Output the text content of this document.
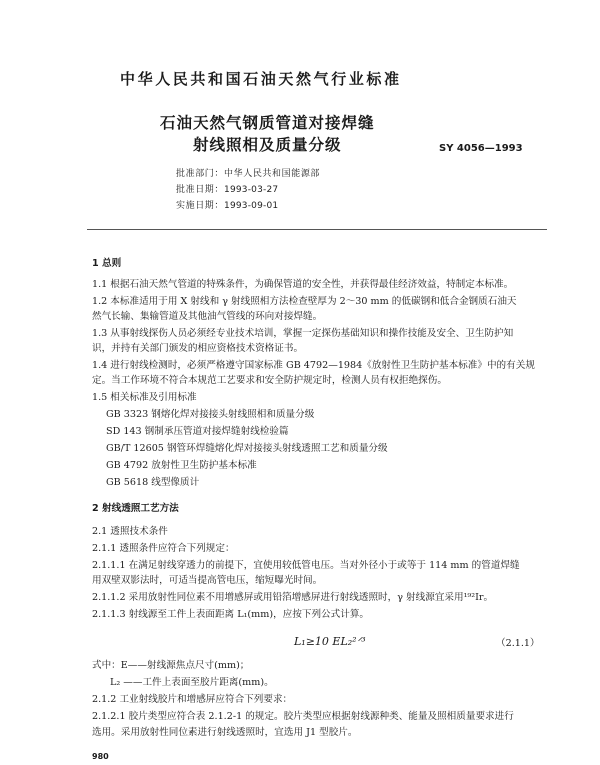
中华人民共和国石油天然气行业标准
石油天然气钢质管道对接焊缝
射线照相及质量分级	SY 4056—1993
批准部门：中华人民共和国能源部
批准日期：1993-03-27
实施日期：1993-09-01
1 总则
1.1 根据石油天然气管道的特殊条件，为确保管道的安全性，并获得最佳经济效益，特制定本标准。
1.2 本标准适用于用 X 射线和 γ 射线照相方法检查壁厚为 2～30 mm 的低碳钢和低合金钢质石油天
然气长输、集输管道及其他油气管线的环向对接焊缝。
1.3 从事射线探伤人员必须经专业技术培训，掌握一定探伤基础知识和操作技能及安全、卫生防护知
识，并持有关部门颁发的相应资格技术资格证书。
1.4 进行射线检测时，必须严格遵守国家标准 GB 4792—1984《放射性卫生防护基本标准》中的有关规
定。当工作环境不符合本规范工艺要求和安全防护规定时，检测人员有权拒绝探伤。
1.5 相关标准及引用标准
GB 3323 钢熔化焊对接接头射线照相和质量分级
SD 143 钢制承压管道对接焊缝射线检验篇
GB/T 12605 钢管环焊缝熔化焊对接接头射线透照工艺和质量分级
GB 4792 放射性卫生防护基本标准
GB 5618 线型像质计
2 射线透照工艺方法
2.1 透照技术条件
2.1.1 透照条件应符合下列规定：
2.1.1.1 在满足射线穿透力的前提下，宜使用较低管电压。当对外径小于或等于 114 mm 的管道焊缝
用双壁双影法时，可适当提高管电压，缩短曝光时间。
2.1.1.2 采用放射性同位素不用增感屏或用铅箔增感屏进行射线透照时，γ 射线源宜采用¹⁹²Ir。
2.1.1.3 射线源至工件上表面距离 L₁(mm)，应按下列公式计算。
L₁≥10 EL₂²ᐟ³	（2.1.1）
式中：E——射线源焦点尺寸(mm)；
L₂ ——工件上表面至胶片距离(mm)。
2.1.2 工业射线胶片和增感屏应符合下列要求：
2.1.2.1 胶片类型应符合表 2.1.2-1 的规定。胶片类型应根据射线源种类、能量及照相质量要求进行
选用。采用放射性同位素进行射线透照时，宜选用 J1 型胶片。
980
